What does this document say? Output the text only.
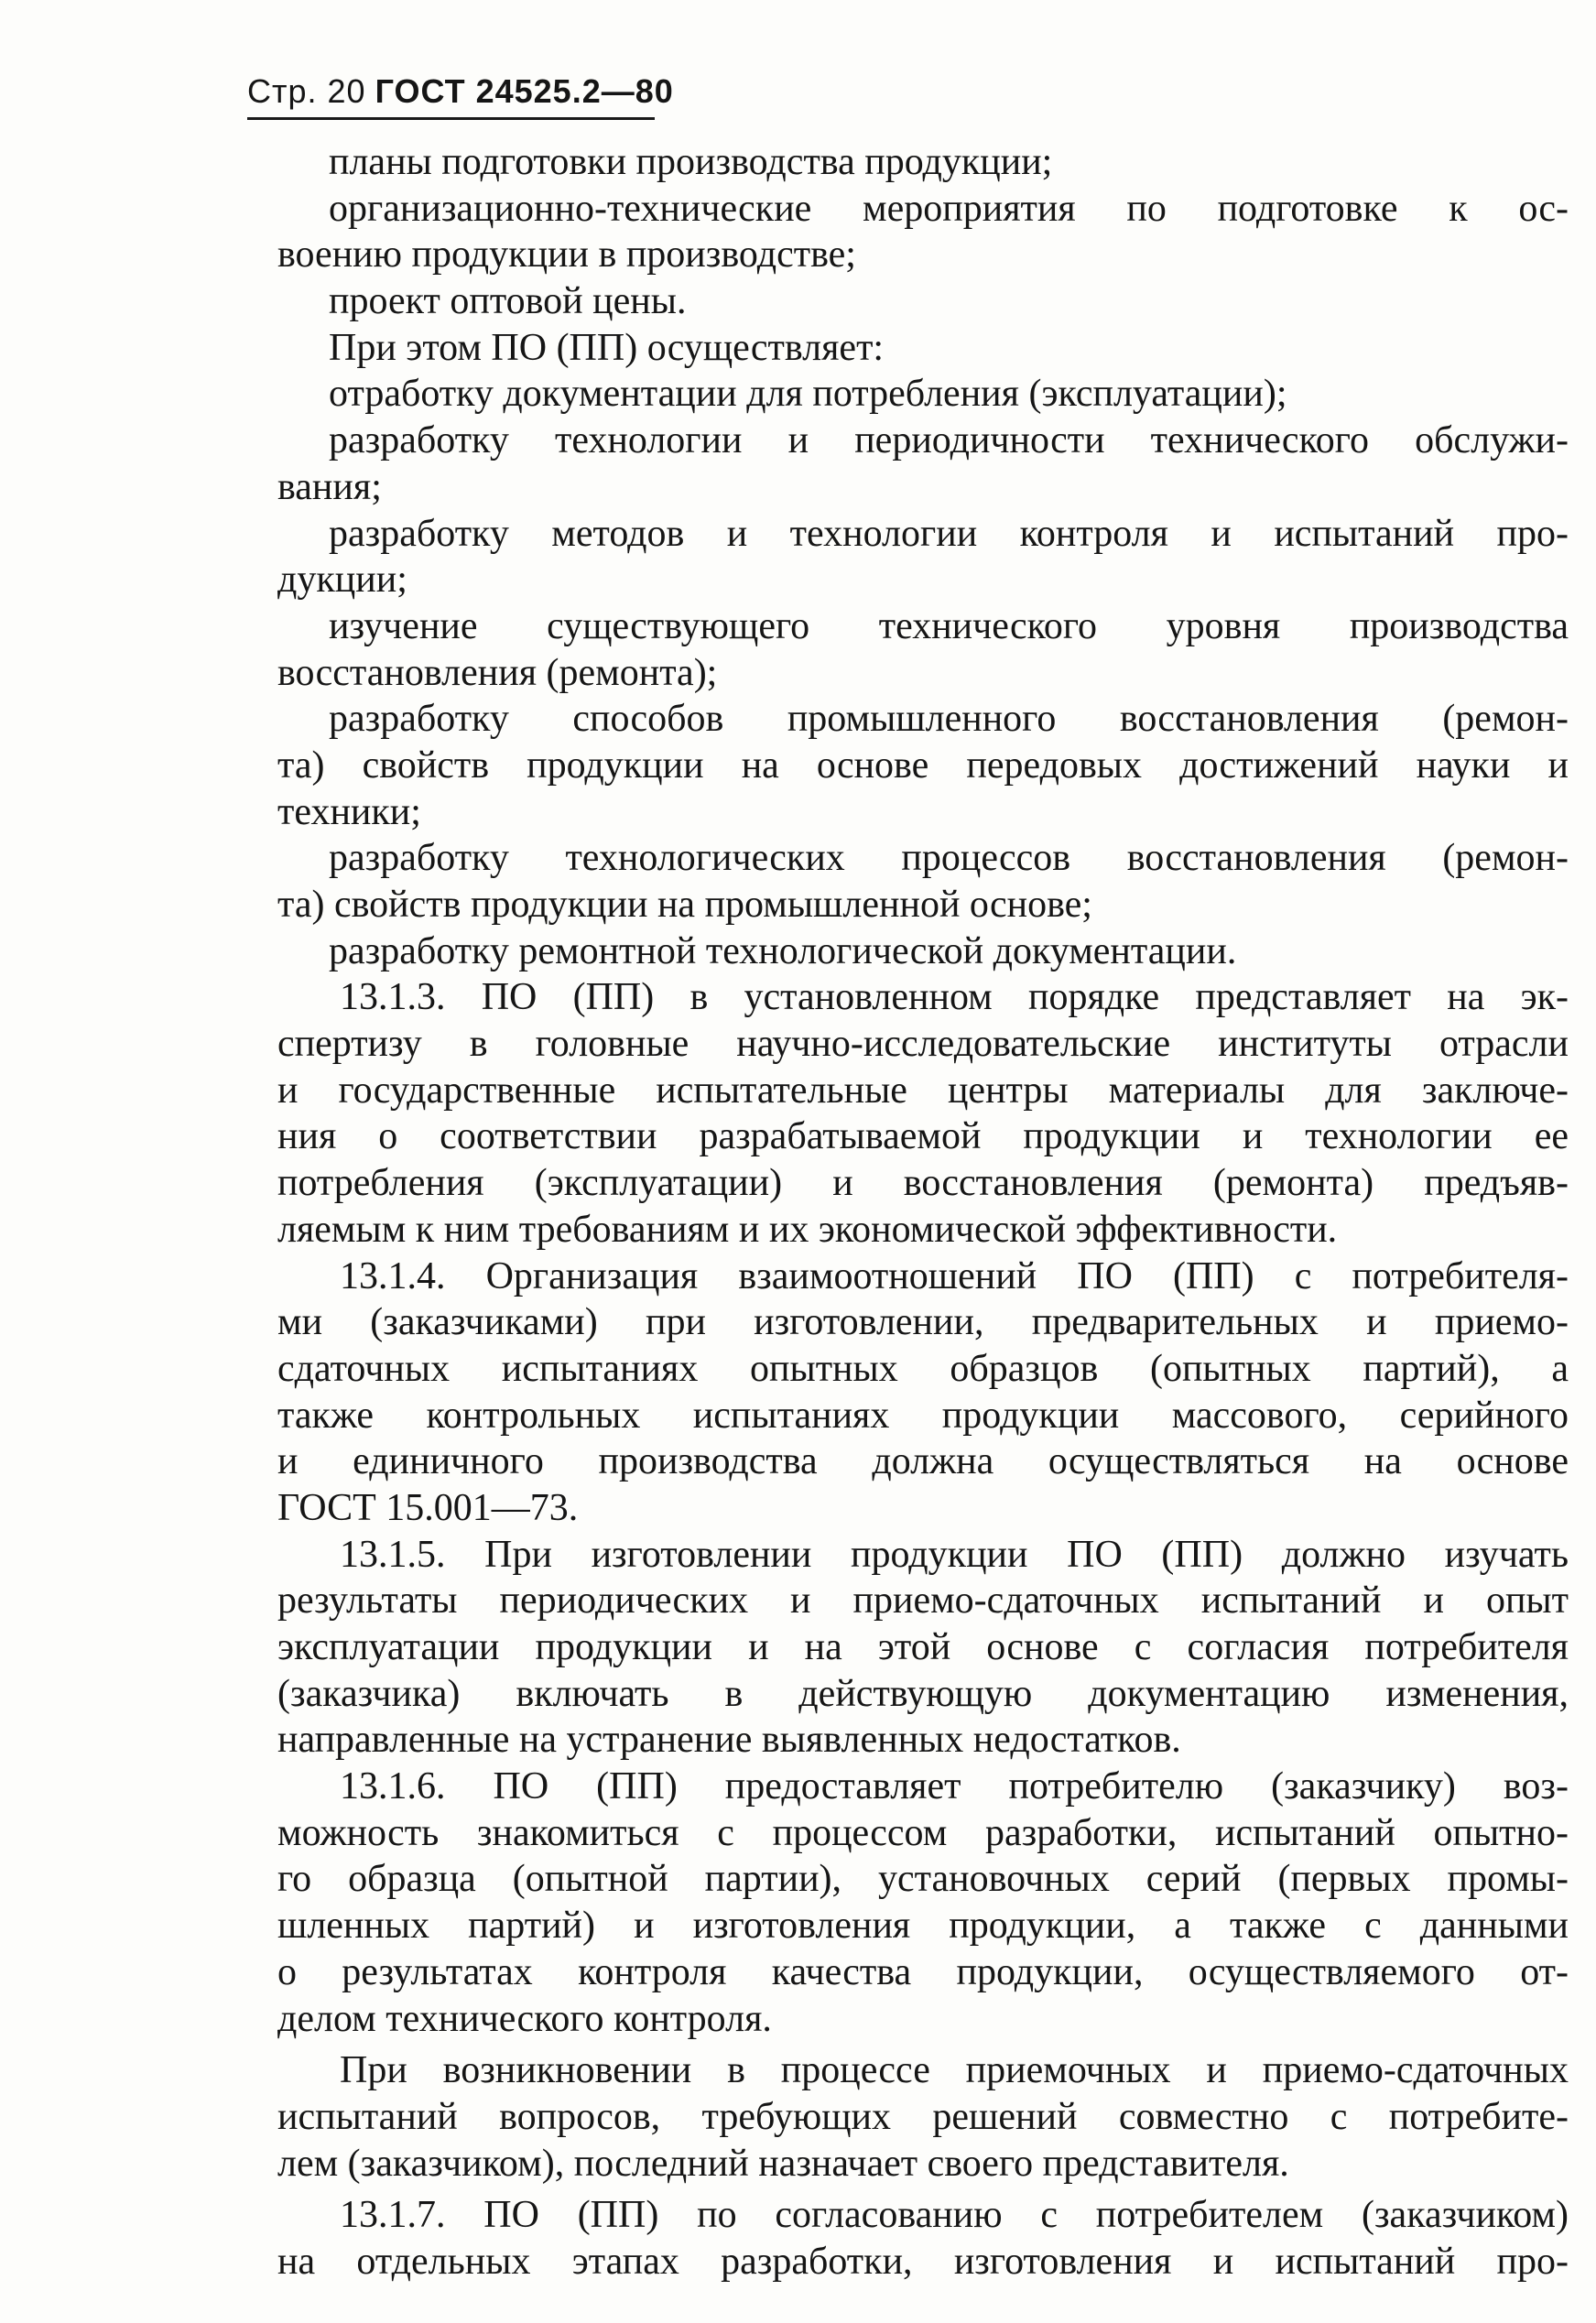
Стр. 20 ГОСТ 24525.2—80
планы подготовки производства продукции;
организационно-технические мероприятия по подготовке к ос-
воению продукции в производстве;
проект оптовой цены.
При этом ПО (ПП) осуществляет:
отработку документации для потребления (эксплуатации);
разработку технологии и периодичности технического обслужи-
вания;
разработку методов и технологии контроля и испытаний про-
дукции;
изучение существующего технического уровня производства
восстановления (ремонта);
разработку способов промышленного восстановления (ремон-
та) свойств продукции на основе передовых достижений науки и
техники;
разработку технологических процессов восстановления (ремон-
та) свойств продукции на промышленной основе;
разработку ремонтной технологической документации.
13.1.3. ПО (ПП) в установленном порядке представляет на эк-
спертизу в головные научно-исследовательские институты отрасли
и государственные испытательные центры материалы для заключе-
ния о соответствии разрабатываемой продукции и технологии ее
потребления (эксплуатации) и восстановления (ремонта) предъяв-
ляемым к ним требованиям и их экономической эффективности.
13.1.4. Организация взаимоотношений ПО (ПП) с потребителя-
ми (заказчиками) при изготовлении, предварительных и приемо-
сдаточных испытаниях опытных образцов (опытных партий), а
также контрольных испытаниях продукции массового, серийного
и единичного производства должна осуществляться на основе
ГОСТ 15.001—73.
13.1.5. При изготовлении продукции ПО (ПП) должно изучать
результаты периодических и приемо-сдаточных испытаний и опыт
эксплуатации продукции и на этой основе с согласия потребителя
(заказчика) включать в действующую документацию изменения,
направленные на устранение выявленных недостатков.
13.1.6. ПО (ПП) предоставляет потребителю (заказчику) воз-
можность знакомиться с процессом разработки, испытаний опытно-
го образца (опытной партии), установочных серий (первых промы-
шленных партий) и изготовления продукции, а также с данными
о результатах контроля качества продукции, осуществляемого от-
делом технического контроля.
При возникновении в процессе приемочных и приемо-сдаточных
испытаний вопросов, требующих решений совместно с потребите-
лем (заказчиком), последний назначает своего представителя.
13.1.7. ПО (ПП) по согласованию с потребителем (заказчиком)
на отдельных этапах разработки, изготовления и испытаний про-
